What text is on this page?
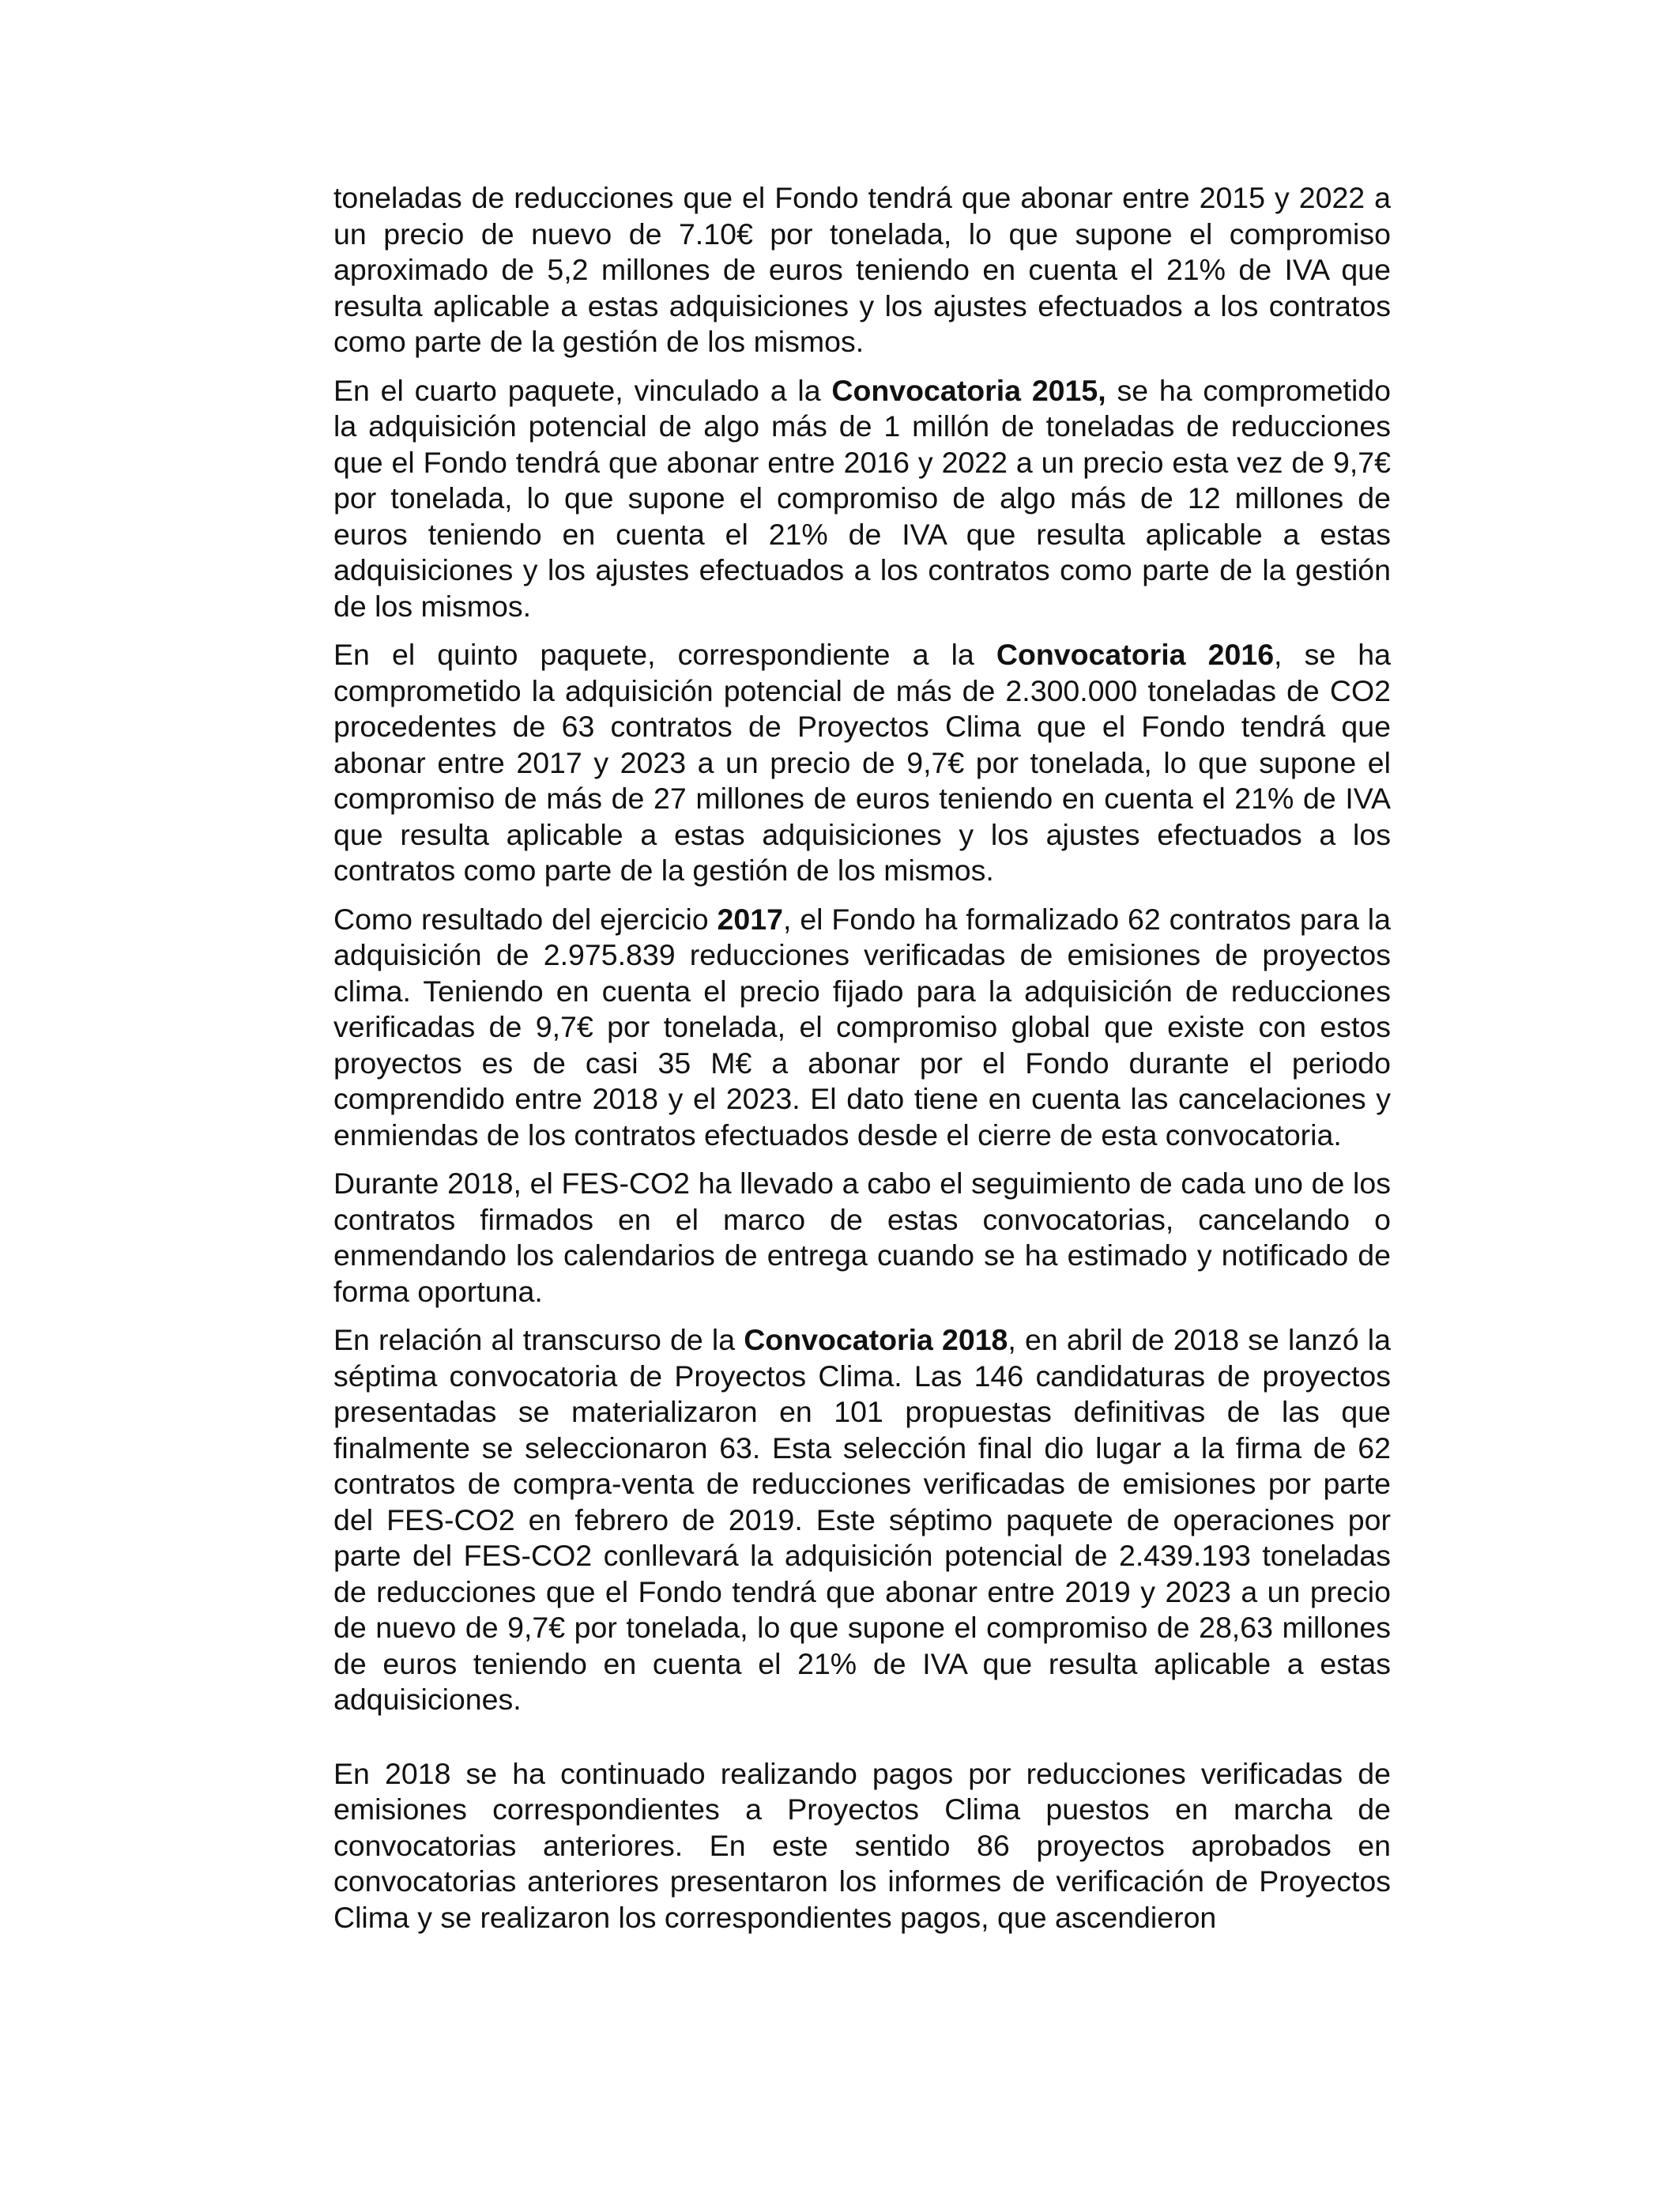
toneladas de reducciones que el Fondo tendrá que abonar entre 2015 y 2022 a un precio de nuevo de 7.10€ por tonelada, lo que supone el compromiso aproximado de 5,2 millones de euros teniendo en cuenta el 21% de IVA que resulta aplicable a estas adquisiciones y los ajustes efectuados a los contratos como parte de la gestión de los mismos.

En el cuarto paquete, vinculado a la Convocatoria 2015, se ha comprometido la adquisición potencial de algo más de 1 millón de toneladas de reducciones que el Fondo tendrá que abonar entre 2016 y 2022 a un precio esta vez de 9,7€ por tonelada, lo que supone el compromiso de algo más de 12 millones de euros teniendo en cuenta el 21% de IVA que resulta aplicable a estas adquisiciones y los ajustes efectuados a los contratos como parte de la gestión de los mismos.

En el quinto paquete, correspondiente a la Convocatoria 2016, se ha comprometido la adquisición potencial de más de 2.300.000 toneladas de CO2 procedentes de 63 contratos de Proyectos Clima que el Fondo tendrá que abonar entre 2017 y 2023 a un precio de 9,7€ por tonelada, lo que supone el compromiso de más de 27 millones de euros teniendo en cuenta el 21% de IVA que resulta aplicable a estas adquisiciones y los ajustes efectuados a los contratos como parte de la gestión de los mismos.

Como resultado del ejercicio 2017, el Fondo ha formalizado 62 contratos para la adquisición de 2.975.839 reducciones verificadas de emisiones de proyectos clima. Teniendo en cuenta el precio fijado para la adquisición de reducciones verificadas de 9,7€ por tonelada, el compromiso global que existe con estos proyectos es de casi 35 M€ a abonar por el Fondo durante el periodo comprendido entre 2018 y el 2023. El dato tiene en cuenta las cancelaciones y enmiendas de los contratos efectuados desde el cierre de esta convocatoria.

Durante 2018, el FES-CO2 ha llevado a cabo el seguimiento de cada uno de los contratos firmados en el marco de estas convocatorias, cancelando o enmendando los calendarios de entrega cuando se ha estimado y notificado de forma oportuna.

En relación al transcurso de la Convocatoria 2018, en abril de 2018 se lanzó la séptima convocatoria de Proyectos Clima. Las 146 candidaturas de proyectos presentadas se materializaron en 101 propuestas definitivas de las que finalmente se seleccionaron 63. Esta selección final dio lugar a la firma de 62 contratos de compra-venta de reducciones verificadas de emisiones por parte del FES-CO2 en febrero de 2019. Este séptimo paquete de operaciones por parte del FES-CO2 conllevará la adquisición potencial de 2.439.193 toneladas de reducciones que el Fondo tendrá que abonar entre 2019 y 2023 a un precio de nuevo de 9,7€ por tonelada, lo que supone el compromiso de 28,63 millones de euros teniendo en cuenta el 21% de IVA que resulta aplicable a estas adquisiciones.

En 2018 se ha continuado realizando pagos por reducciones verificadas de emisiones correspondientes a Proyectos Clima puestos en marcha de convocatorias anteriores. En este sentido 86 proyectos aprobados en convocatorias anteriores presentaron los informes de verificación de Proyectos Clima y se realizaron los correspondientes pagos, que ascendieron
